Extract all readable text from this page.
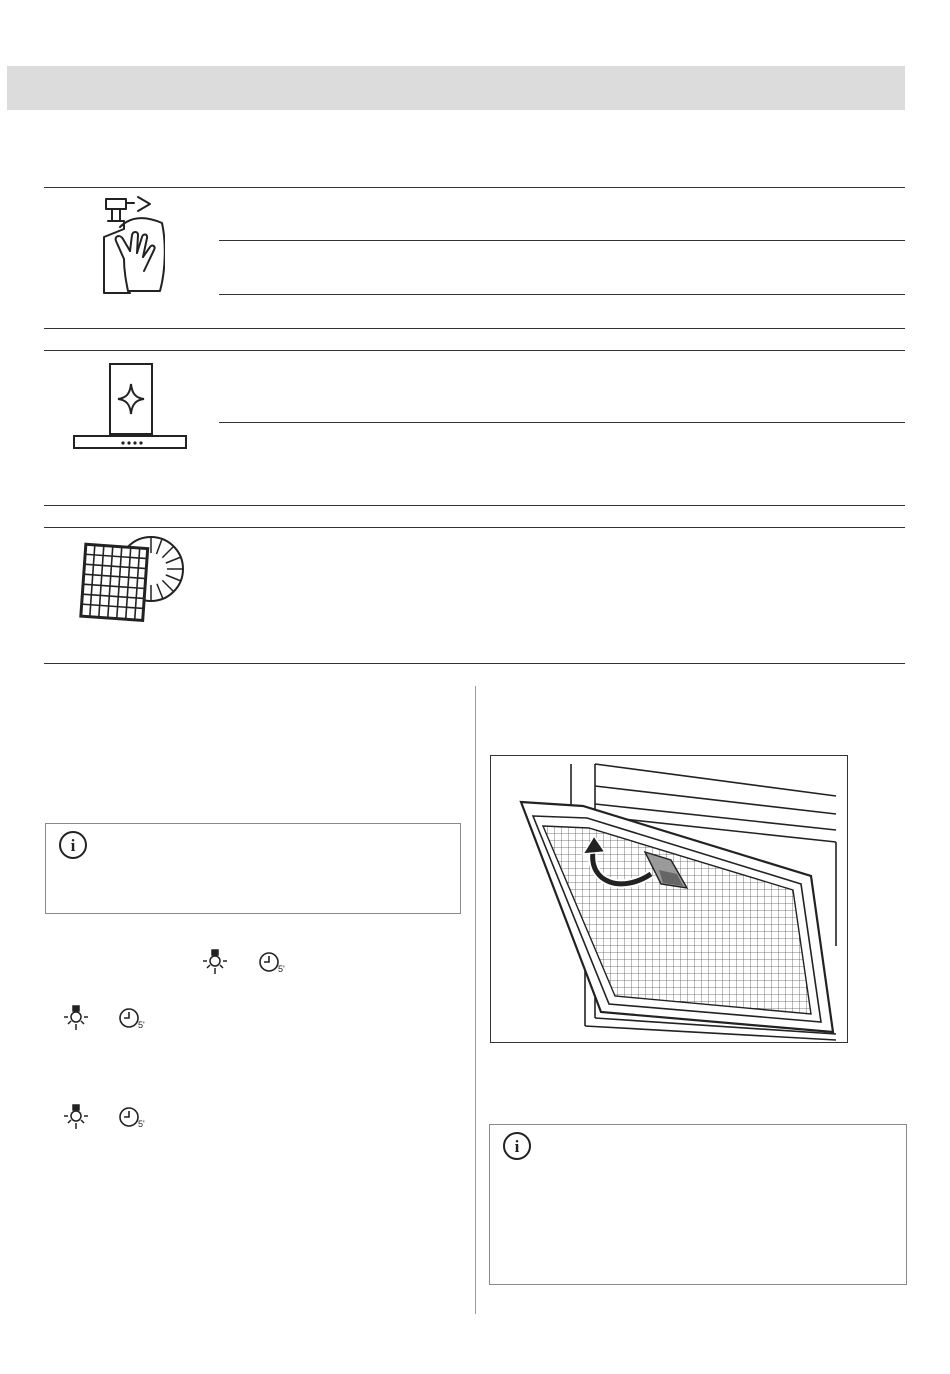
i
5'
5'
5'
i
